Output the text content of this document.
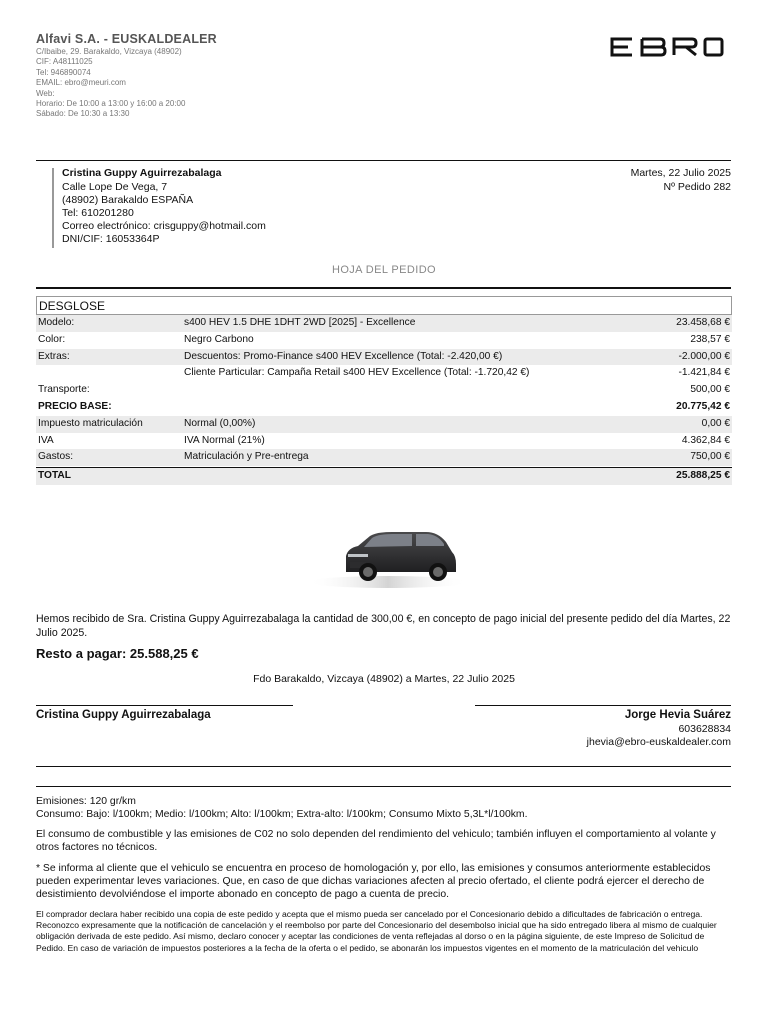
Alfavi S.A. - EUSKALDEALER
C/Ibaibe, 29. Barakaldo, Vizcaya (48902)
CIF: A48111025
Tel: 946890074
EMAIL: ebro@meuri.com
Web:
Horario: De 10:00 a 13:00 y 16:00 a 20:00
Sábado: De 10:30 a 13:30
Cristina Guppy Aguirrezabalaga
Calle Lope De Vega, 7
(48902) Barakaldo ESPAÑA
Tel: 610201280
Correo electrónico: crisguppy@hotmail.com
DNI/CIF: 16053364P
Martes, 22 Julio 2025
Nº Pedido 282
HOJA DEL PEDIDO
DESGLOSE
Modelo:	s400 HEV 1.5 DHE 1DHT 2WD [2025] - Excellence	23.458,68 €
Color:	Negro Carbono	238,57 €
Extras:	Descuentos: Promo-Finance s400 HEV Excellence (Total: -2.420,00 €)	-2.000,00 €
Cliente Particular: Campaña Retail s400 HEV Excellence (Total: -1.720,42 €)	-1.421,84 €
Transporte:	500,00 €
PRECIO BASE:	20.775,42 €
Impuesto matriculación	Normal (0,00%)	0,00 €
IVA	IVA Normal (21%)	4.362,84 €
Gastos:	Matriculación y Pre-entrega	750,00 €
TOTAL	25.888,25 €
Hemos recibido de Sra. Cristina Guppy Aguirrezabalaga la cantidad de 300,00 €, en concepto de pago inicial del presente pedido del día Martes, 22 Julio 2025.
Resto a pagar: 25.588,25 €
Fdo Barakaldo, Vizcaya (48902) a Martes, 22 Julio 2025
Cristina Guppy Aguirrezabalaga	Jorge Hevia Suárez
603628834
jhevia@ebro-euskaldealer.com
Emisiones: 120 gr/km
Consumo: Bajo: l/100km; Medio: l/100km; Alto: l/100km; Extra-alto: l/100km; Consumo Mixto 5,3L*l/100km.
El consumo de combustible y las emisiones de C02 no solo dependen del rendimiento del vehiculo; también influyen el comportamiento al volante y otros factores no técnicos.
* Se informa al cliente que el vehiculo se encuentra en proceso de homologación y, por ello, las emisiones y consumos anteriormente establecidos pueden experimentar leves variaciones. Que, en caso de que dichas variaciones afecten al precio ofertado, el cliente podrá ejercer el derecho de desistimiento devolviéndose el importe abonado en concepto de pago a cuenta de precio.
El comprador declara haber recibido una copia de este pedido y acepta que el mismo pueda ser cancelado por el Concesionario debido a dificultades de fabricación o entrega. Reconozco expresamente que la notificación de cancelación y el reembolso por parte del Concesionario del desembolso inicial que ha sido entregado libera al mismo de cualquier obligación derivada de este pedido. Así mismo, declaro conocer y aceptar las condiciones de venta reflejadas al dorso o en la página siguiente, de este Impreso de Solicitud de Pedido. En caso de variación de impuestos posteriores a la fecha de la oferta o el pedido, se abonarán los impuestos vigentes en el momento de la matriculación del vehiculo
